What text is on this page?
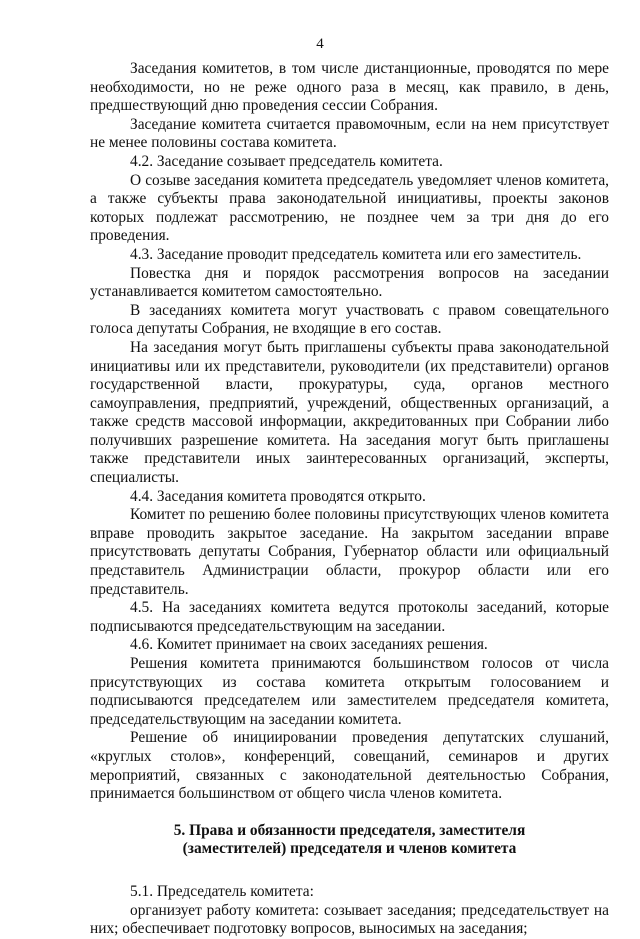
4

Заседания комитетов, в том числе дистанционные, проводятся по мере необходимости, но не реже одного раза в месяц, как правило, в день, предшествующий дню проведения сессии Собрания.

Заседание комитета считается правомочным, если на нем присутствует не менее половины состава комитета.

4.2. Заседание созывает председатель комитета.

О созыве заседания комитета председатель уведомляет членов комитета, а также субъекты права законодательной инициативы, проекты законов которых подлежат рассмотрению, не позднее чем за три дня до его проведения.

4.3. Заседание проводит председатель комитета или его заместитель.

Повестка дня и порядок рассмотрения вопросов на заседании устанавливается комитетом самостоятельно.

В заседаниях комитета могут участвовать с правом совещательного голоса депутаты Собрания, не входящие в его состав.

На заседания могут быть приглашены субъекты права законодательной инициативы или их представители, руководители (их представители) органов государственной власти, прокуратуры, суда, органов местного самоуправления, предприятий, учреждений, общественных организаций, а также средств массовой информации, аккредитованных при Собрании либо получивших разрешение комитета. На заседания могут быть приглашены также представители иных заинтересованных организаций, эксперты, специалисты.

4.4. Заседания комитета проводятся открыто.

Комитет по решению более половины присутствующих членов комитета вправе проводить закрытое заседание. На закрытом заседании вправе присутствовать депутаты Собрания, Губернатор области или официальный представитель Администрации области, прокурор области или его представитель.

4.5. На заседаниях комитета ведутся протоколы заседаний, которые подписываются председательствующим на заседании.

4.6. Комитет принимает на своих заседаниях решения.

Решения комитета принимаются большинством голосов от числа присутствующих из состава комитета открытым голосованием и подписываются председателем или заместителем председателя комитета, председательствующим на заседании комитета.

Решение об инициировании проведения депутатских слушаний, «круглых столов», конференций, совещаний, семинаров и других мероприятий, связанных с законодательной деятельностью Собрания, принимается большинством от общего числа членов комитета.

5. Права и обязанности председателя, заместителя
(заместителей) председателя и членов комитета

5.1. Председатель комитета:

организует работу комитета: созывает заседания; председательствует на них; обеспечивает подготовку вопросов, выносимых на заседания;
